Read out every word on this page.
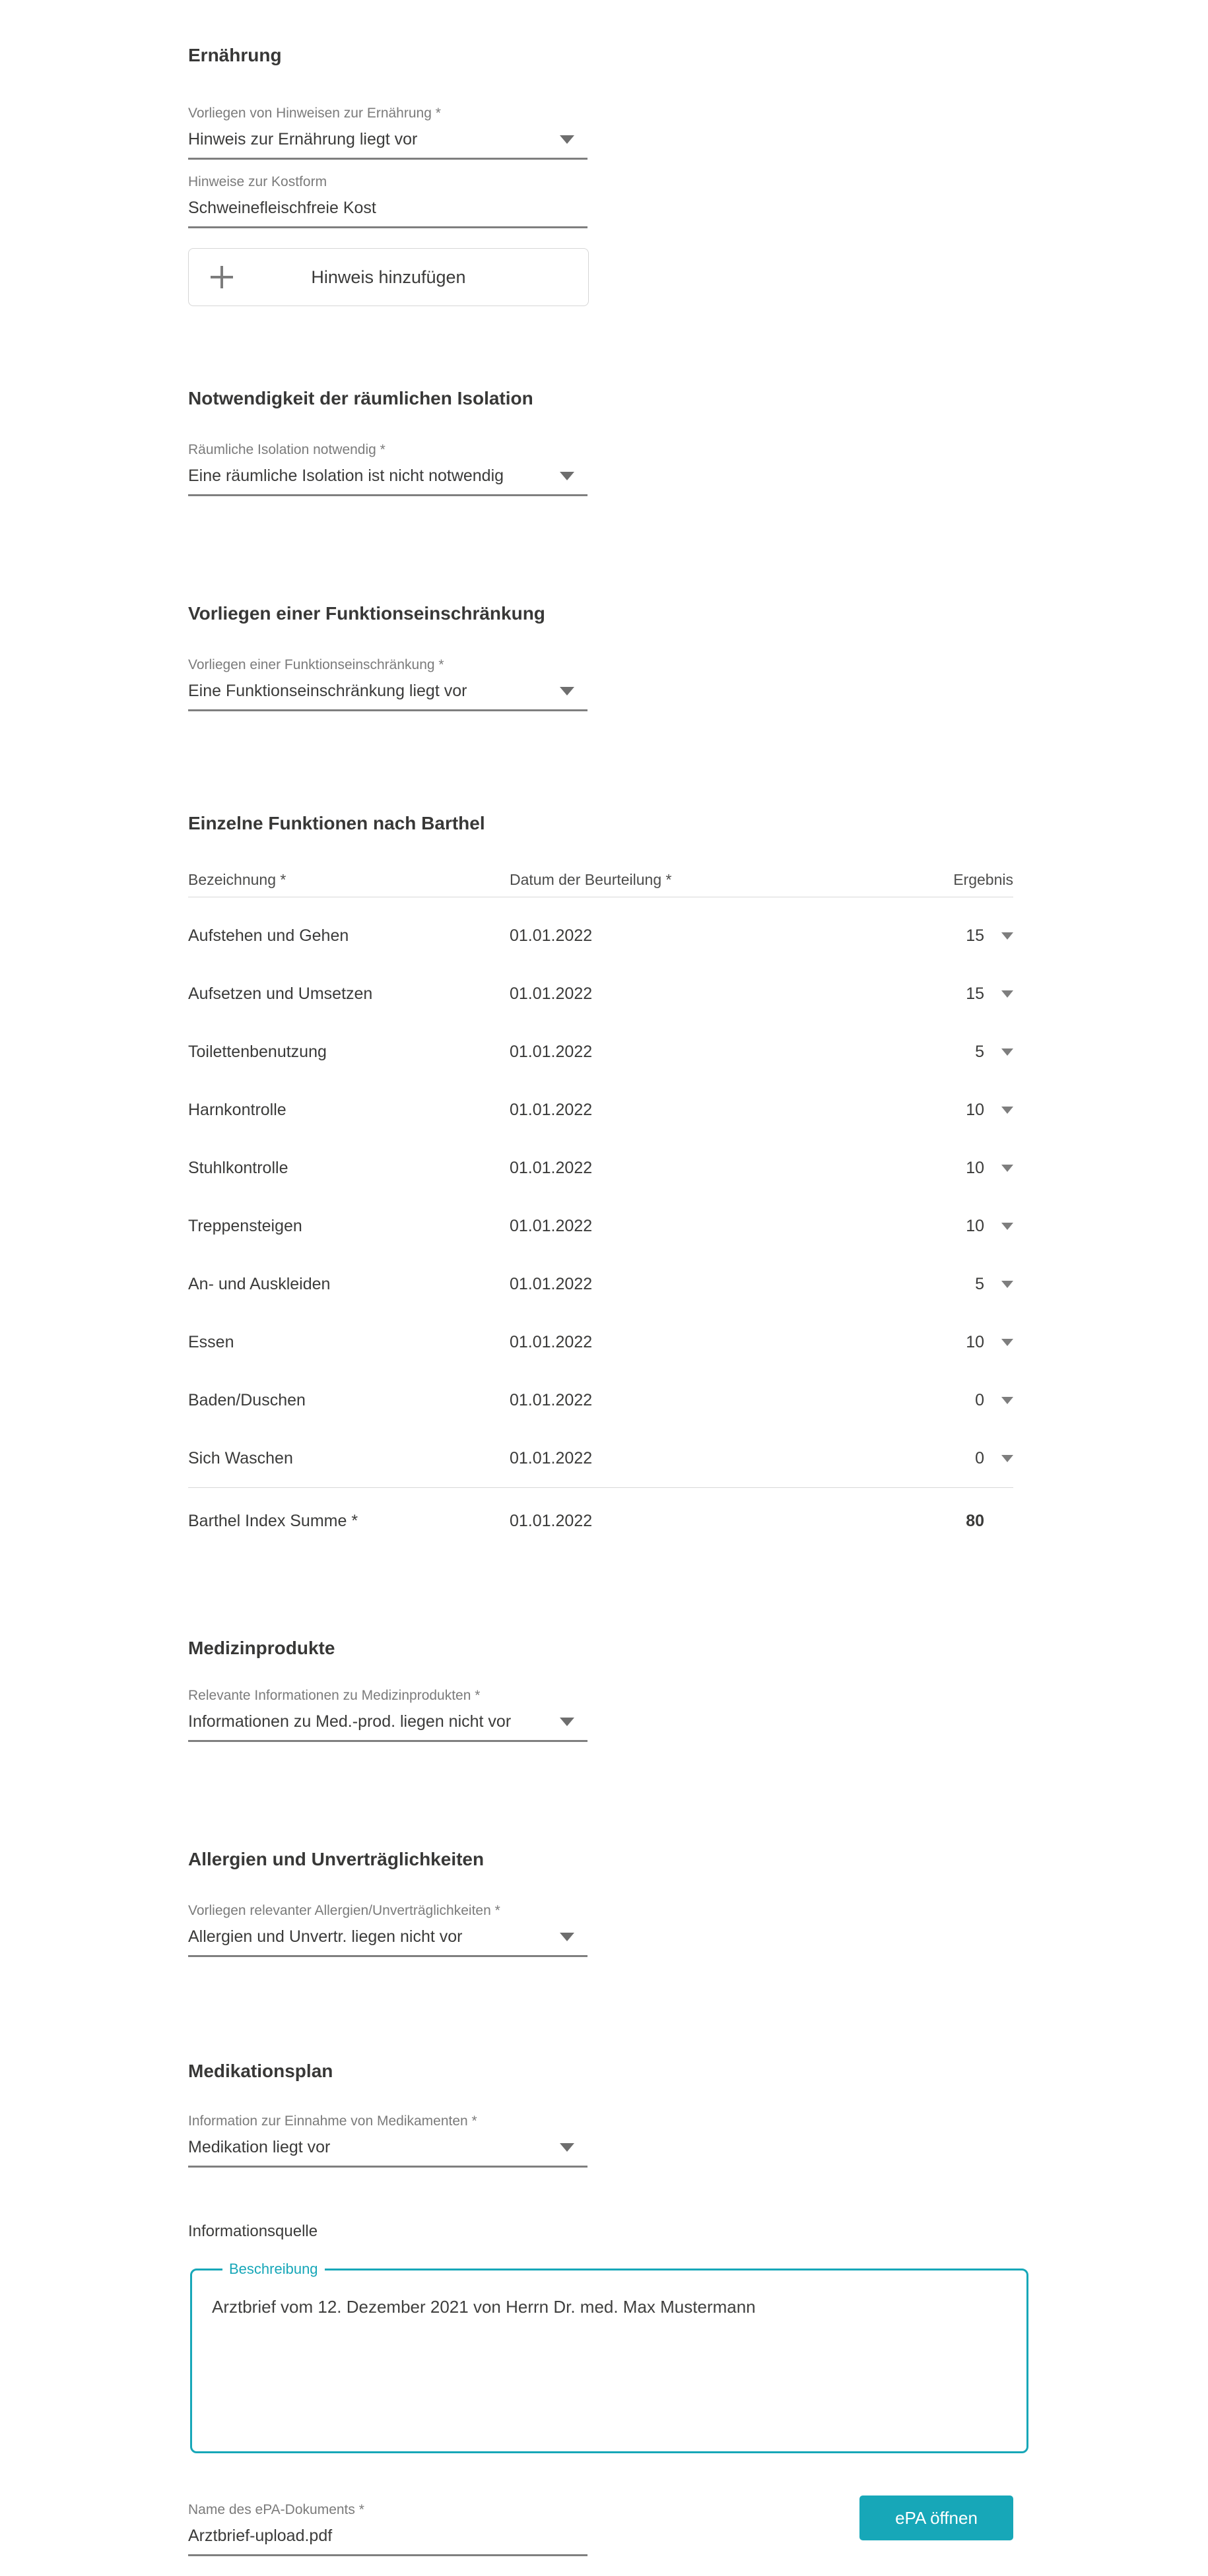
Ernährung
Vorliegen von Hinweisen zur Ernährung *
Hinweis zur Ernährung liegt vor
Hinweise zur Kostform
Schweinefleischfreie Kost
Hinweis hinzufügen
Notwendigkeit der räumlichen Isolation
Räumliche Isolation notwendig *
Eine räumliche Isolation ist nicht notwendig
Vorliegen einer Funktionseinschränkung
Vorliegen einer Funktionseinschränkung *
Eine Funktionseinschränkung liegt vor
Einzelne Funktionen nach Barthel
Bezeichnung *	Datum der Beurteilung *	Ergebnis
Aufstehen und Gehen	01.01.2022	15
Aufsetzen und Umsetzen	01.01.2022	15
Toilettenbenutzung	01.01.2022	5
Harnkontrolle	01.01.2022	10
Stuhlkontrolle	01.01.2022	10
Treppensteigen	01.01.2022	10
An- und Auskleiden	01.01.2022	5
Essen	01.01.2022	10
Baden/Duschen	01.01.2022	0
Sich Waschen	01.01.2022	0
Barthel Index Summe *	01.01.2022	80
Medizinprodukte
Relevante Informationen zu Medizinprodukten *
Informationen zu Med.-prod. liegen nicht vor
Allergien und Unverträglichkeiten
Vorliegen relevanter Allergien/Unverträglichkeiten *
Allergien und Unvertr. liegen nicht vor
Medikationsplan
Information zur Einnahme von Medikamenten *
Medikation liegt vor
Informationsquelle
Beschreibung
Arztbrief vom 12. Dezember 2021 von Herrn Dr. med. Max Mustermann
Name des ePA-Dokuments *
Arztbrief-upload.pdf
ePA öffnen
